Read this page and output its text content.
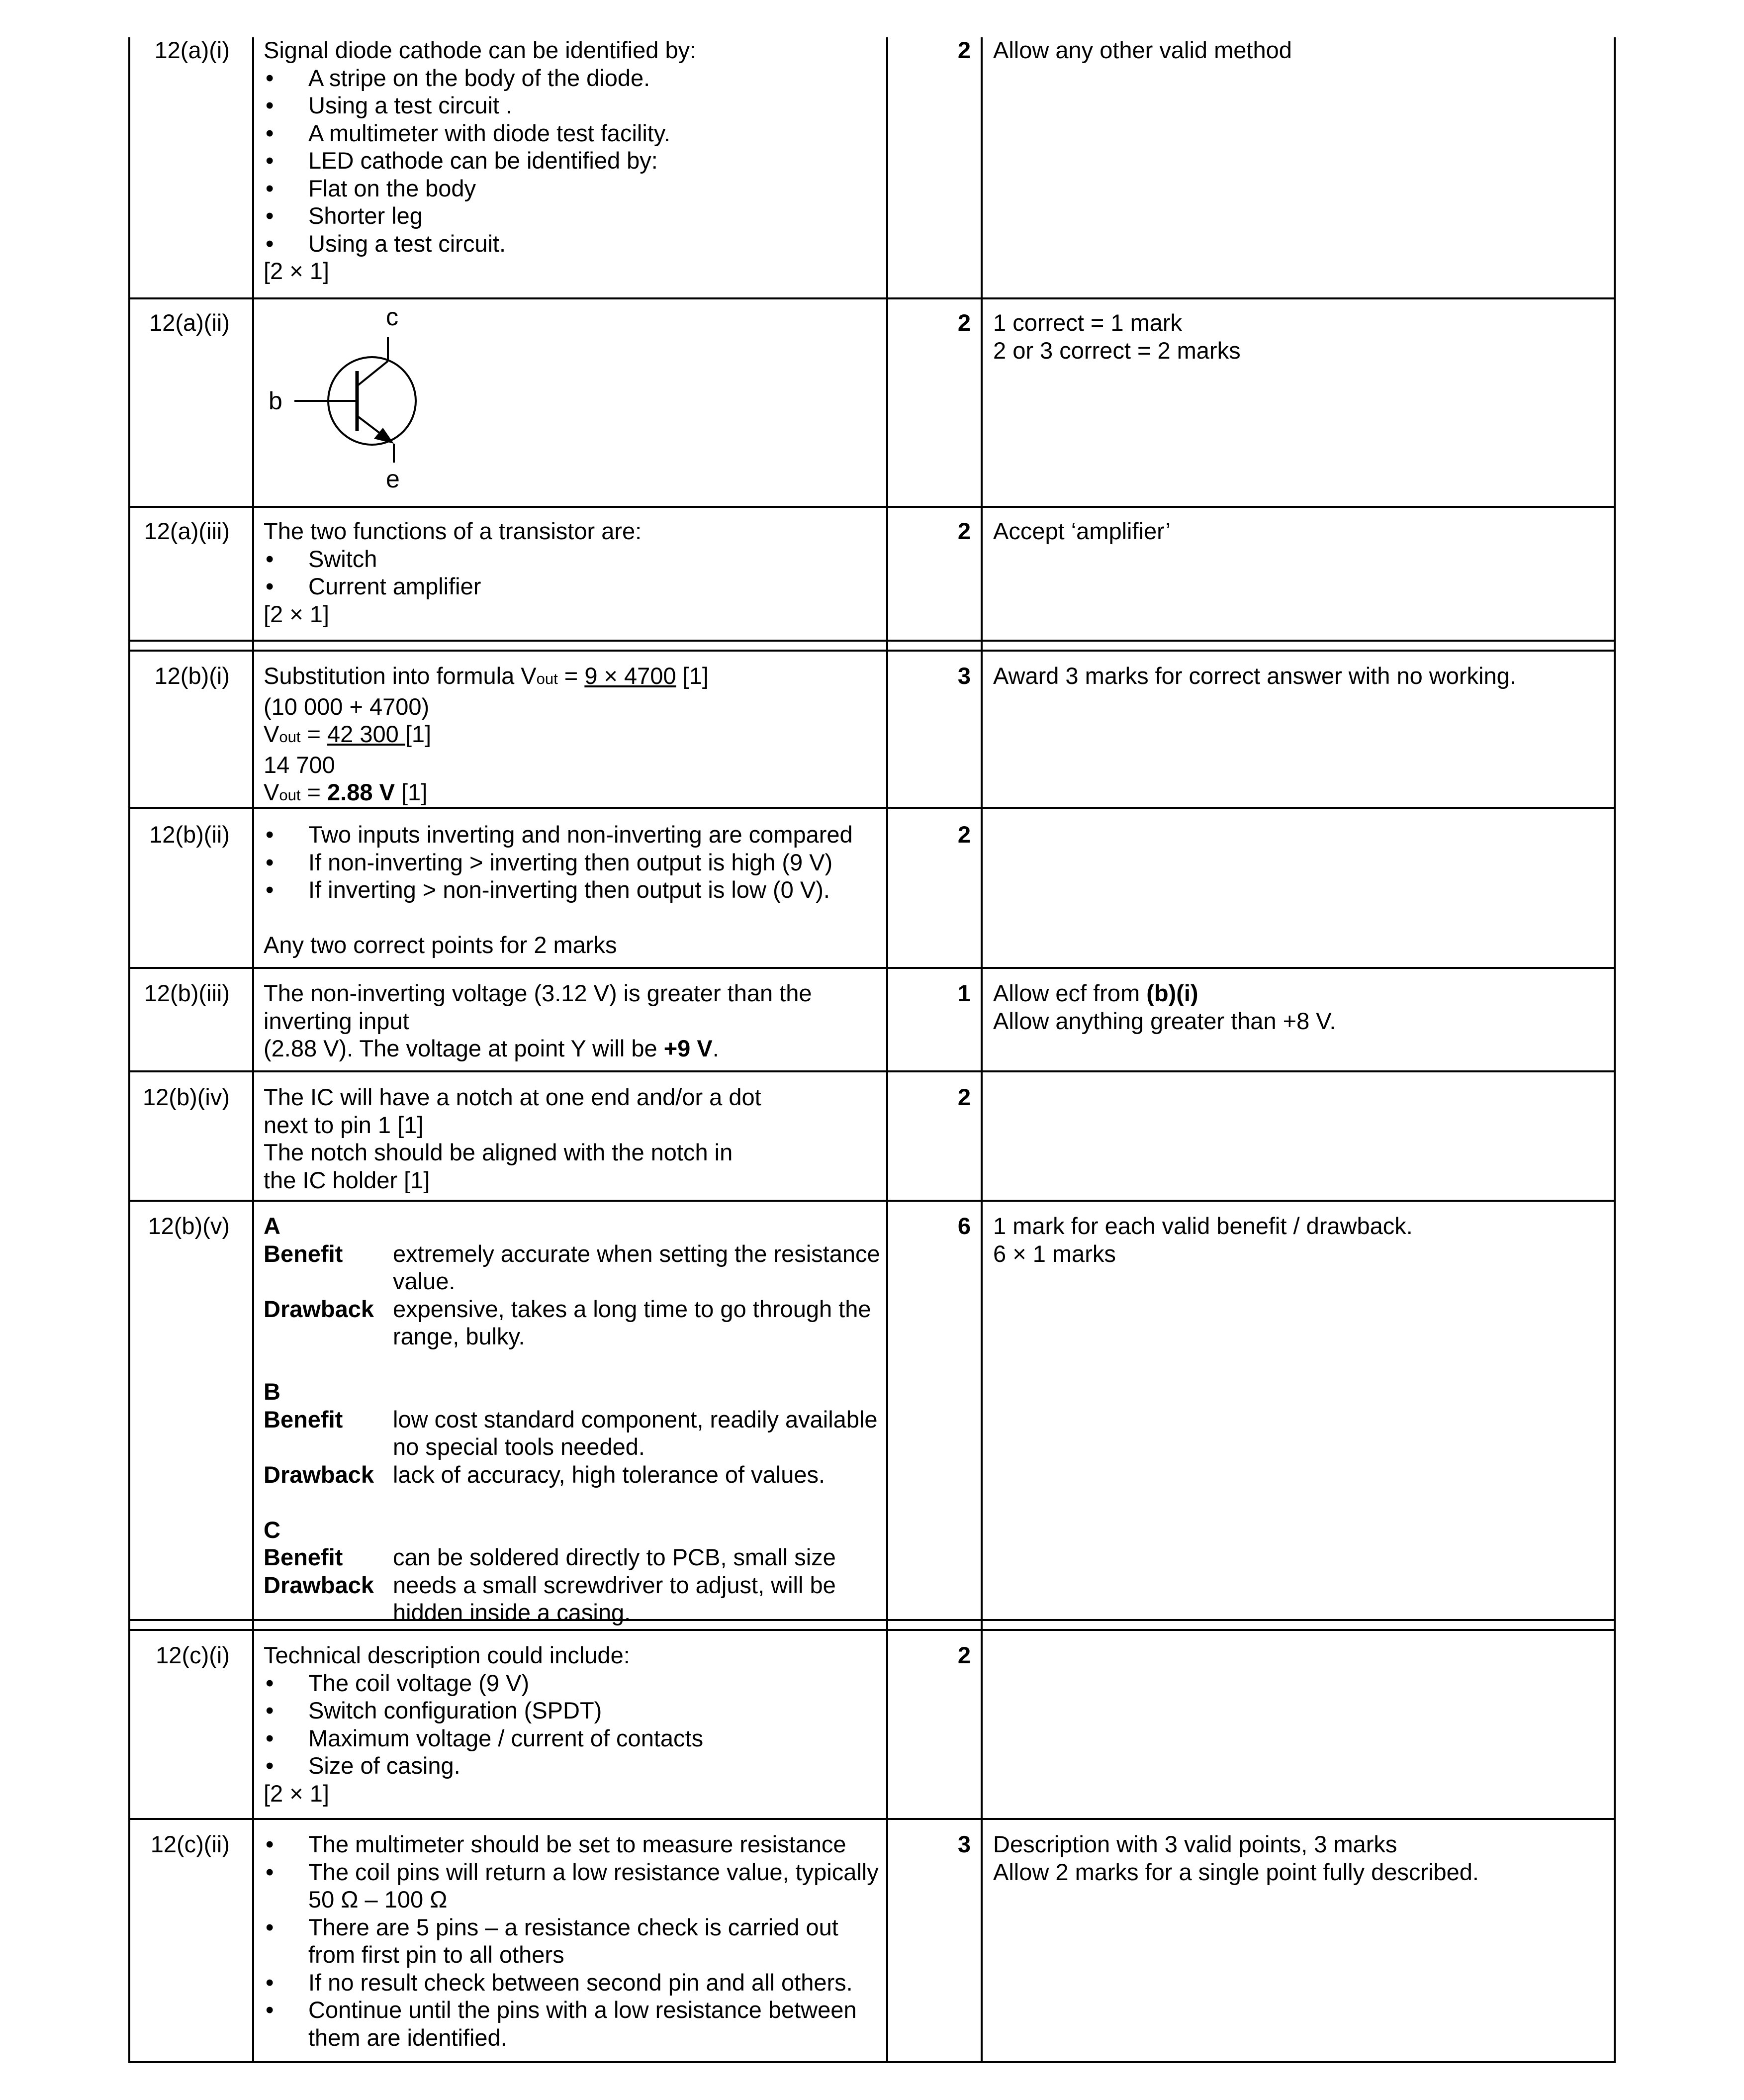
12(a)(i) Signal diode cathode can be identified by:
• A stripe on the body of the diode.
• Using a test circuit .
• A multimeter with diode test facility.
• LED cathode can be identified by:
• Flat on the body
• Shorter leg
• Using a test circuit.
[2 × 1]
2 Allow any other valid method
12(a)(ii)	c
b
e
2 1 correct = 1 mark
2 or 3 correct = 2 marks
12(a)(iii) The two functions of a transistor are:
• Switch
• Current amplifier
[2 × 1]
2 Accept ‘amplifier’
12(b)(i) Substitution into formula Vout = 9 × 4700 [1]
(10 000 + 4700)
Vout = 42 300 [1]
14 700
Vout = 2.88 V [1]
3 Award 3 marks for correct answer with no working.
12(b)(ii)	• Two inputs inverting and non-inverting are compared
• If non-inverting > inverting then output is high (9 V)
• If inverting > non-inverting then output is low (0 V).
Any two correct points for 2 marks
2
12(b)(iii) The non-inverting voltage (3.12 V) is greater than the
inverting input
(2.88 V). The voltage at point Y will be +9 V.
1 Allow ecf from (b)(i)
Allow anything greater than +8 V.
12(b)(iv) The IC will have a notch at one end and/or a dot
next to pin 1 [1]
The notch should be aligned with the notch in
the IC holder [1]
2
12(b)(v) A
Benefit extremely accurate when setting the resistance
value.
Drawback expensive, takes a long time to go through the
range, bulky.
B
Benefit low cost standard component, readily available
no special tools needed.
Drawback lack of accuracy, high tolerance of values.
C
Benefit can be soldered directly to PCB, small size
Drawback needs a small screwdriver to adjust, will be
hidden inside a casing.
6 1 mark for each valid benefit / drawback.
6 × 1 marks
12(c)(i) Technical description could include:
• The coil voltage (9 V)
• Switch configuration (SPDT)
• Maximum voltage / current of contacts
• Size of casing.
[2 × 1]
2
12(c)(ii)	• The multimeter should be set to measure resistance
• The coil pins will return a low resistance value, typically
50 Ω – 100 Ω
• There are 5 pins – a resistance check is carried out
from first pin to all others
• If no result check between second pin and all others.
• Continue until the pins with a low resistance between
them are identified.
3 Description with 3 valid points, 3 marks
Allow 2 marks for a single point fully described.
